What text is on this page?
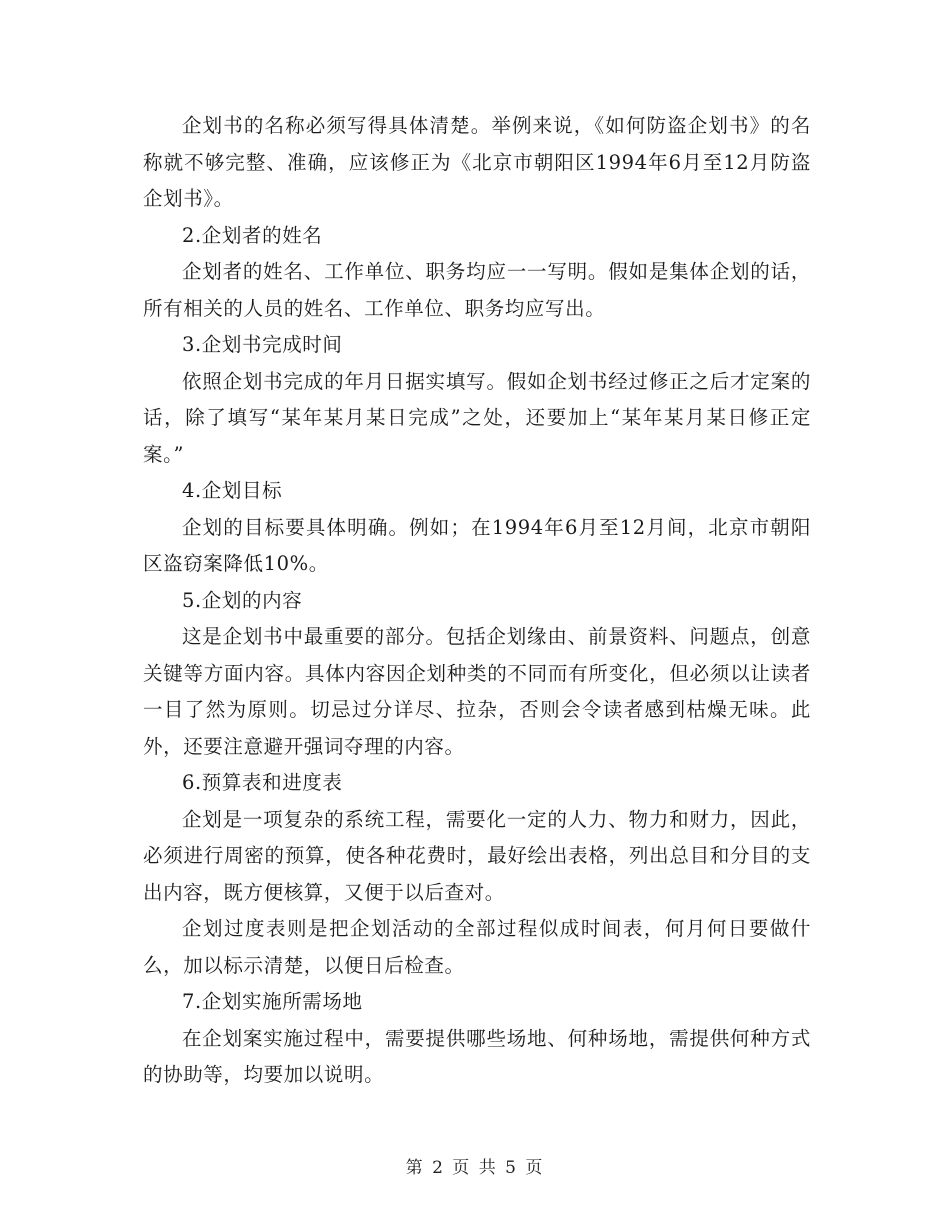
企划书的名称必须写得具体清楚。举例来说，《如何防盗企划书》的名称就不够完整、准确，应该修正为《北京市朝阳区1994年6月至12月防盗企划书》。

2.企划者的姓名

企划者的姓名、工作单位、职务均应一一写明。假如是集体企划的话，所有相关的人员的姓名、工作单位、职务均应写出。

3.企划书完成时间

依照企划书完成的年月日据实填写。假如企划书经过修正之后才定案的话，除了填写“某年某月某日完成”之处，还要加上“某年某月某日修正定案。”

4.企划目标

企划的目标要具体明确。例如；在1994年6月至12月间，北京市朝阳区盗窃案降低10%。

5.企划的内容

这是企划书中最重要的部分。包括企划缘由、前景资料、问题点，创意关键等方面内容。具体内容因企划种类的不同而有所变化，但必须以让读者一目了然为原则。切忌过分详尽、拉杂，否则会令读者感到枯燥无味。此外，还要注意避开强词夺理的内容。

6.预算表和进度表

企划是一项复杂的系统工程，需要化一定的人力、物力和财力，因此，必须进行周密的预算，使各种花费时，最好绘出表格，列出总目和分目的支出内容，既方便核算，又便于以后查对。

企划过度表则是把企划活动的全部过程似成时间表，何月何日要做什么，加以标示清楚，以便日后检查。

7.企划实施所需场地

在企划案实施过程中，需要提供哪些场地、何种场地，需提供何种方式的协助等，均要加以说明。

第 2 页 共 5 页
